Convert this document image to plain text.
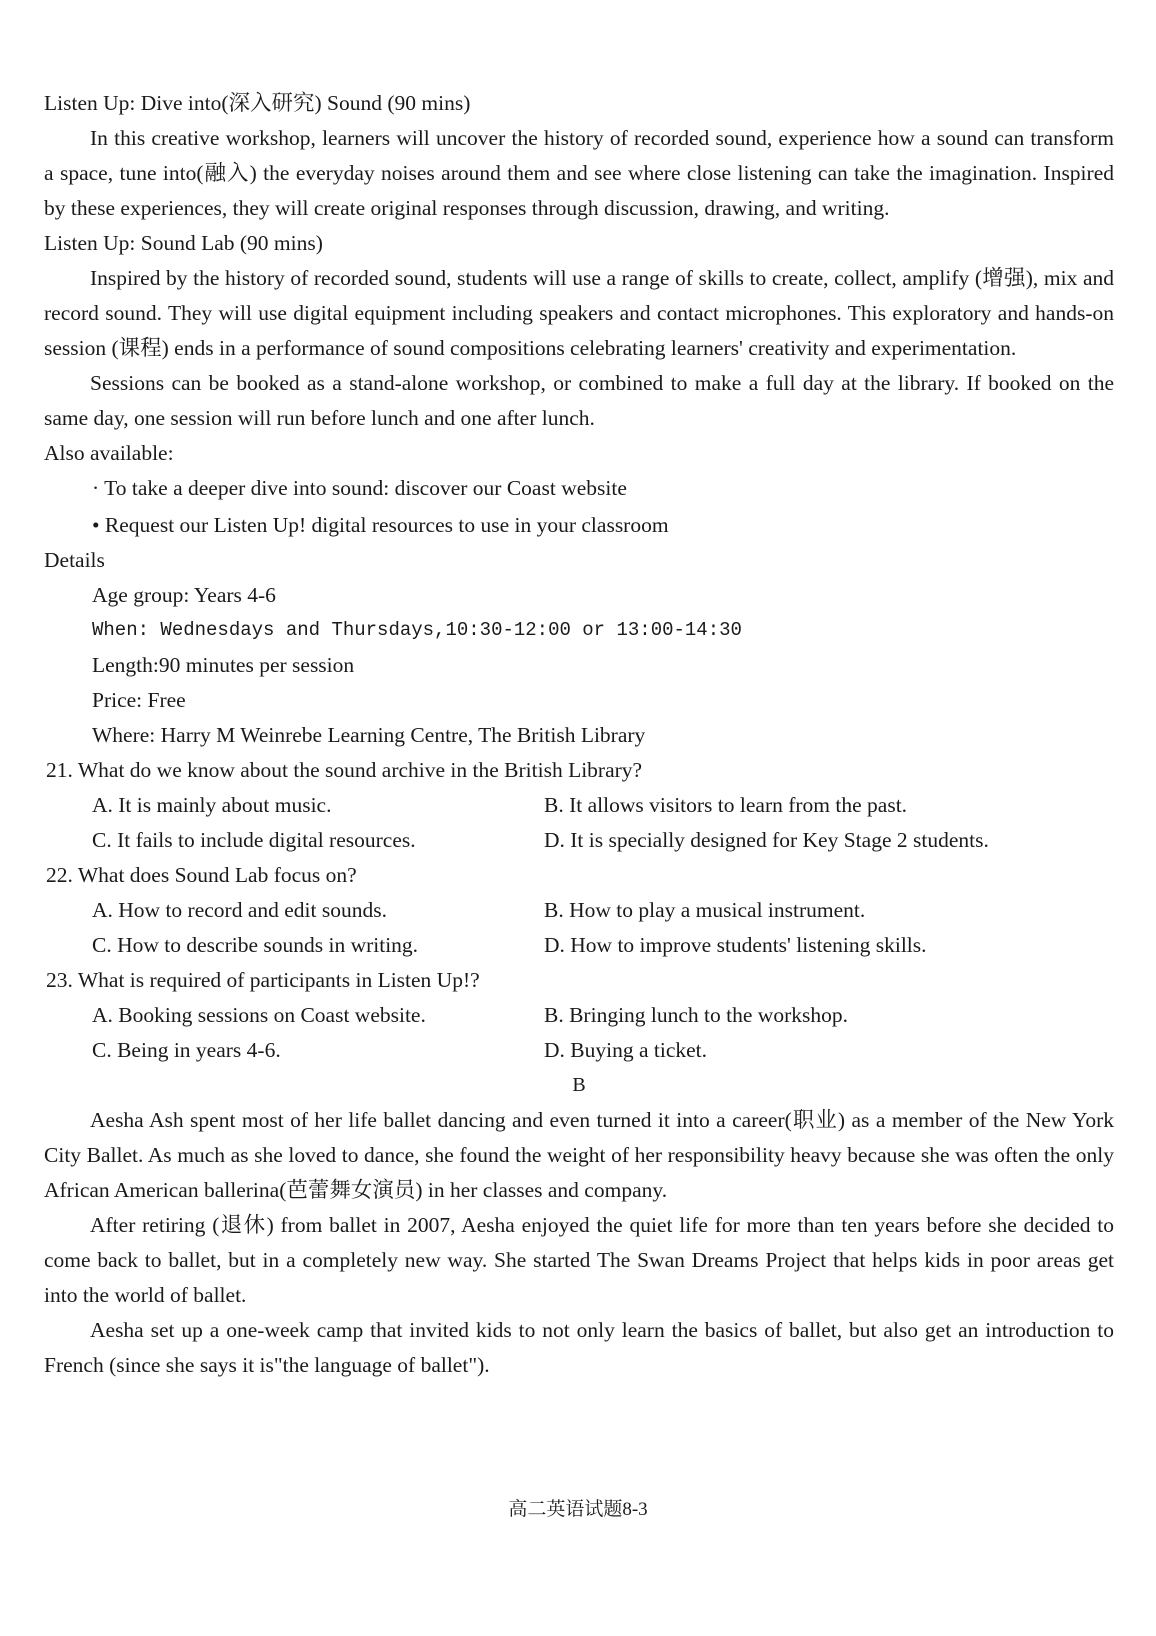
Listen Up: Dive into(深入研究) Sound (90 mins)

In this creative workshop, learners will uncover the history of recorded sound, experience how a sound can transform a space, tune into(融入) the everyday noises around them and see where close listening can take the imagination. Inspired by these experiences, they will create original responses through discussion, drawing, and writing.

Listen Up: Sound Lab (90 mins)

Inspired by the history of recorded sound, students will use a range of skills to create, collect, amplify (增强), mix and record sound. They will use digital equipment including speakers and contact microphones. This exploratory and hands-on session (课程) ends in a performance of sound compositions celebrating learners' creativity and experimentation.

Sessions can be booked as a stand-alone workshop, or combined to make a full day at the library. If booked on the same day, one session will run before lunch and one after lunch.

Also available:

· To take a deeper dive into sound: discover our Coast website

• Request our Listen Up! digital resources to use in your classroom

Details

Age group: Years 4-6

When: Wednesdays and Thursdays,10:30-12:00 or 13:00-14:30

Length:90 minutes per session

Price: Free

Where: Harry M Weinrebe Learning Centre, The British Library

21. What do we know about the sound archive in the British Library?

A. It is mainly about music.	B. It allows visitors to learn from the past.

C. It fails to include digital resources.	D. It is specially designed for Key Stage 2 students.

22. What does Sound Lab focus on?

A. How to record and edit sounds.	B. How to play a musical instrument.

C. How to describe sounds in writing.	D. How to improve students' listening skills.

23. What is required of participants in Listen Up!?

A. Booking sessions on Coast website.	B. Bringing lunch to the workshop.

C. Being in years 4-6.	D. Buying a ticket.

B

Aesha Ash spent most of her life ballet dancing and even turned it into a career(职业) as a member of the New York City Ballet. As much as she loved to dance, she found the weight of her responsibility heavy because she was often the only African American ballerina(芭蕾舞女演员) in her classes and company.

After retiring (退休) from ballet in 2007, Aesha enjoyed the quiet life for more than ten years before she decided to come back to ballet, but in a completely new way. She started The Swan Dreams Project that helps kids in poor areas get into the world of ballet.

Aesha set up a one-week camp that invited kids to not only learn the basics of ballet, but also get an introduction to French (since she says it is"the language of ballet").

高二英语试题8-3
